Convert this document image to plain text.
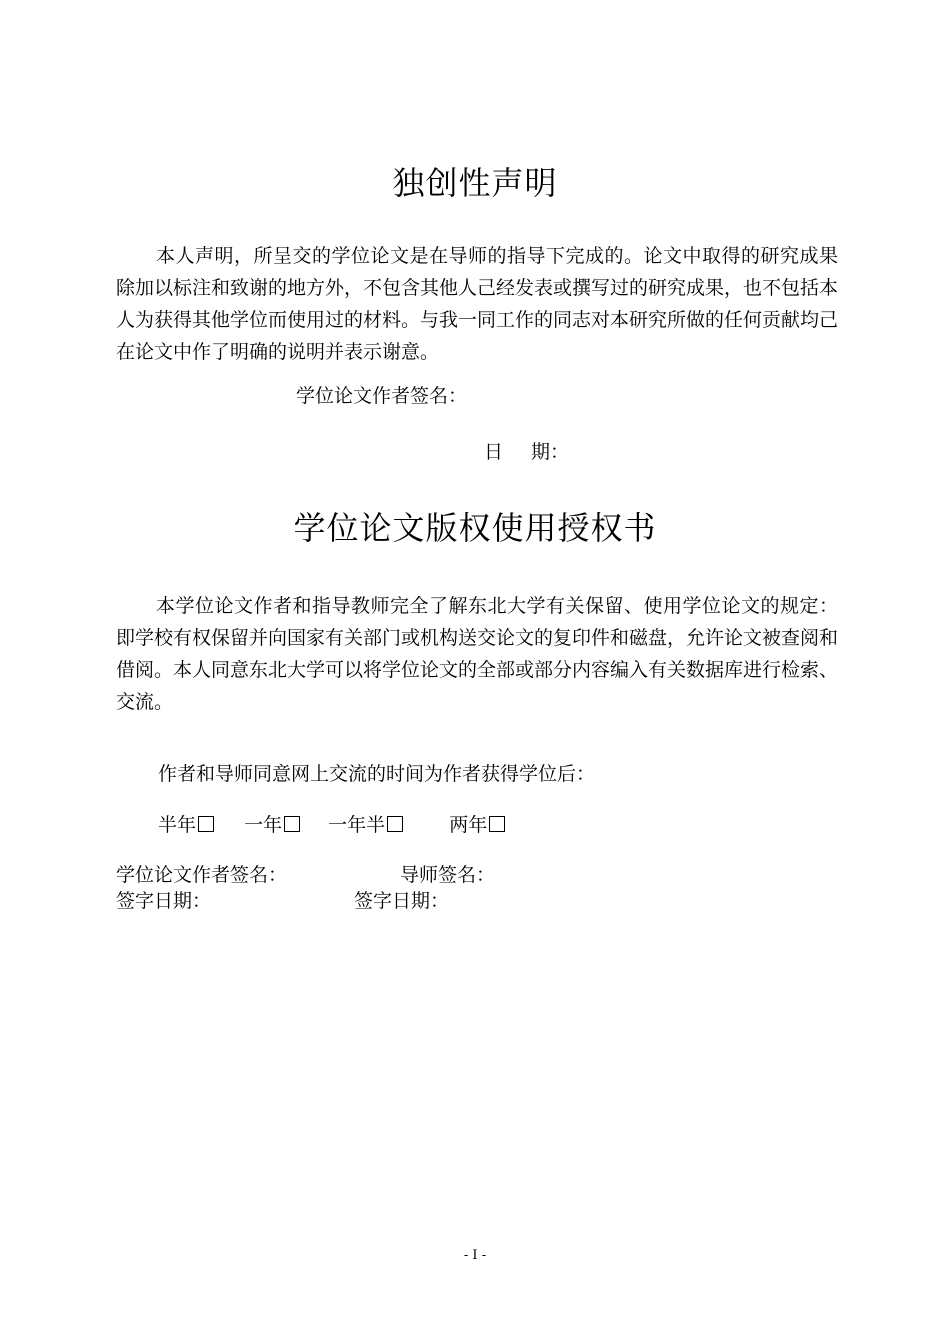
独创性声明
本人声明，所呈交的学位论文是在导师的指导下完成的。论文中取得的研究成果除加以标注和致谢的地方外，不包含其他人己经发表或撰写过的研究成果，也不包括本人为获得其他学位而使用过的材料。与我一同工作的同志对本研究所做的任何贡献均己在论文中作了明确的说明并表示谢意。
学位论文作者签名：
日 期：
学位论文版权使用授权书
本学位论文作者和指导教师完全了解东北大学有关保留、使用学位论文的规定：即学校有权保留并向国家有关部门或机构送交论文的复印件和磁盘，允许论文被查阅和借阅。本人同意东北大学可以将学位论文的全部或部分内容编入有关数据库进行检索、交流。
作者和导师同意网上交流的时间为作者获得学位后：
半年	一年 一年半	两年
学位论文作者签名：	导师签名：
签字日期：	签字日期：
- I -
